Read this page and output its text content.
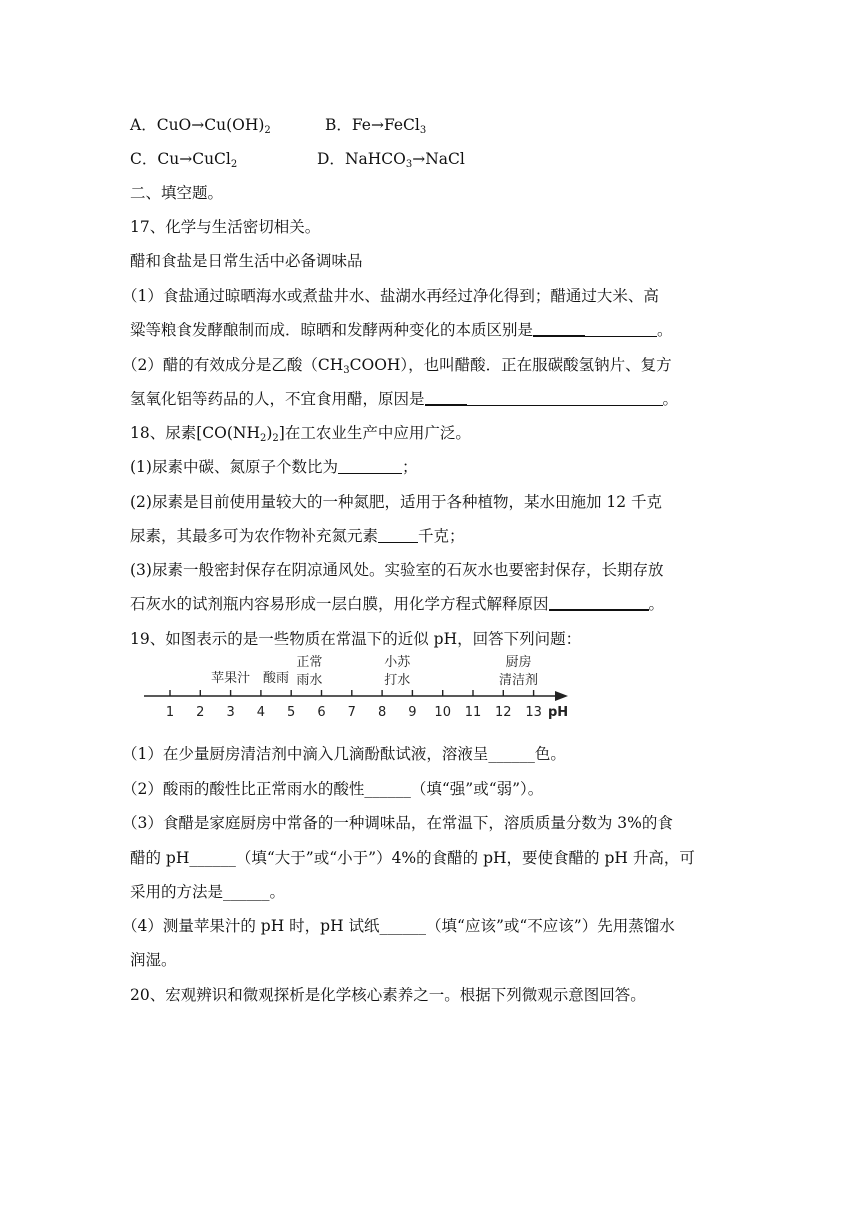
A．$CuO\to Cu(OH)_2$	B．Fe→FeCl$_3$
C．Cu→CuCl$_2$	D．NaHCO$_3$→NaCl
二、填空题。
17、化学与生活密切相关。
醋和食盐是日常生活中必备调味品
（1）食盐通过晾晒海水或煮盐井水、盐湖水再经过净化得到；醋通过大米、高
粱等粮食发酵酿制而成．晾晒和发酵两种变化的本质区别是	。
（2）醋的有效成分是乙酸$(CH_3COOH)$，也叫醋酸．正在服碳酸氢钠片、复方
氢氧化铝等药品的人，不宜食用醋，原因是	。
18、尿素$[CO(NH_2)_2]$在工农业生产中应用广泛。
(1)尿素中碳、氮原子个数比为	；
(2)尿素是目前使用量较大的一种氮肥，适用于各种植物，某水田施加 12 千克
尿素，其最多可为农作物补充氮元素	千克；
(3)尿素一般密封保存在阴凉通风处。实验室的石灰水也要密封保存，长期存放
石灰水的试剂瓶内容易形成一层白膜，用化学方程式解释原因	。
19、如图表示的是一些物质在常温下的近似 pH，回答下列问题：
1 2 3 4 5 6 7 8 9 10 11 12 13
苹果汁 酸雨
正常
雨水
小苏
打水
厨房
清洁剂
pH
（1）在少量厨房清洁剂中滴入几滴酚酞试液，溶液呈______色。
（2）酸雨的酸性比正常雨水的酸性______（填“强”或“弱”）。
（3）食醋是家庭厨房中常备的一种调味品，在常温下，溶质质量分数为 3%的食
醋的 pH______（填“大于”或“小于”）4%的食醋的 pH，要使食醋的 pH 升高，可
采用的方法是______。
（4）测量苹果汁的 pH 时，pH 试纸______（填“应该”或“不应该”）先用蒸馏水
润湿。
20、宏观辨识和微观探析是化学核心素养之一。根据下列微观示意图回答。
